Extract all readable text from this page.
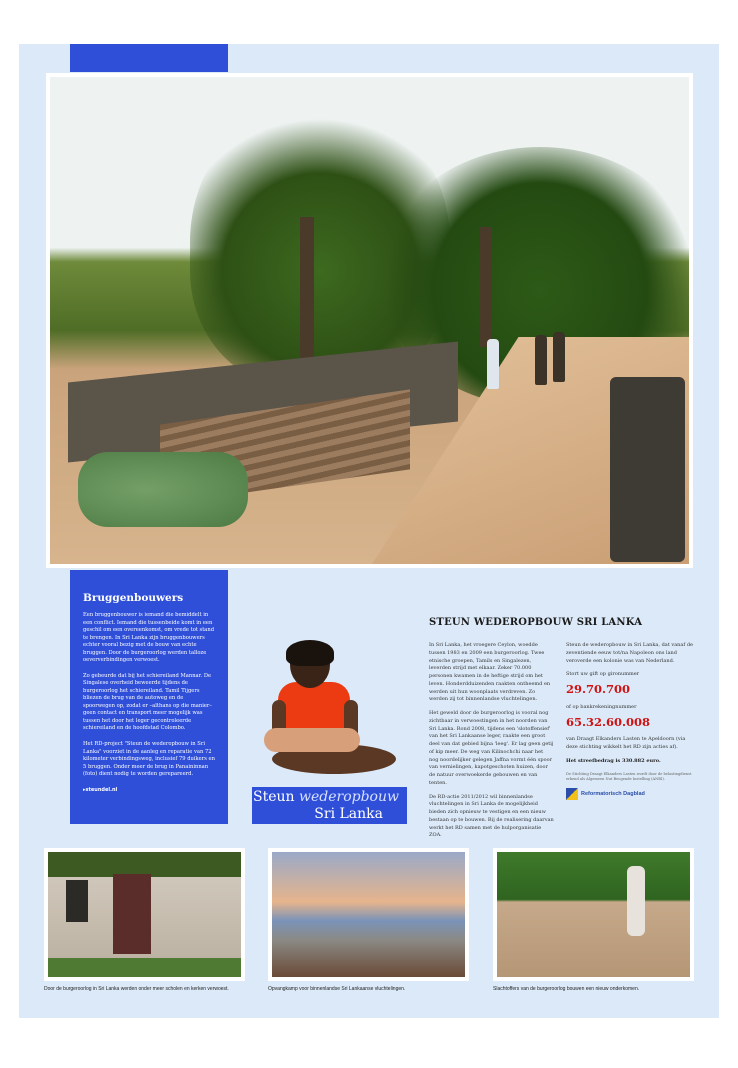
Bruggenbouwers

Een bruggenbouwer is iemand die bemiddelt in een conflict. Iemand die tussenbeide komt in een geschil om een overeenkomst, om vrede tot stand te brengen. In Sri Lanka zijn bruggenbouwers echter vooral bezig met de bouw van echte bruggen. Door de burgeroorlog werden talloze oeververbindingen verwoest.

Zo gebeurde dat bij het schiereiland Mannar. De Singalese overheid beweerde tijdens de burgeroorlog het schiereiland. Tamil Tijgers bliezen de brug van de autoweg en de spoorwegen op, zodat er –althans op die manier– geen contact en transport meer mogelijk was tussen het door het leger gecontroleerde schiereiland en de hoofdstad Colombo.

Het RD-project "Steun de wederopbouw in Sri Lanka" voorziet in de aanleg en reparatie van 72 kilometer verbindingsweg, inclusief 79 duikers en 5 bruggen. Onder meer de brug in Panaininnan (foto) dient nodig te worden gerepareerd.

▸steundel.nl	Steun wederopbouw
Sri Lanka
STEUN WEDEROPBOUW SRI LANKA

In Sri Lanka, het vroegere Ceylon, woedde tussen 1983 en 2009 een burgeroorlog. Twee etnische groepen, Tamils en Singalezen, leverden strijd met elkaar. Zeker 70.000 personen kwamen in de heftige strijd om het leven. Honderdduizenden raakten ontheemd en werden uit hun woonplaats verdreven. Zo werden zij tot binnenlandse vluchtelingen.

Het geweld door de burgeroorlog is vooral nog zichtbaar in verwoestingen in het noorden van Sri Lanka. Rond 2008, tijdens een 'slotoffensief' van het Sri Lankaanse leger, raakte een groot deel van dat gebied bijna 'leeg'. Er lag geen getij of kip meer. De weg van Kilinochchi naar het nog noordelijker gelegen Jaffna vormt één spoor van vernielingen, kapotgeschoten huizen, door de natuur overwoekerde gebouwen en van tenten.

De RD-actie 2011/2012 wil binnenlandse vluchtelingen in Sri Lanka de mogelijkheid bieden zich opnieuw te vestigen en een nieuw bestaan op te bouwen. Bij de realisering daarvan werkt het RD samen met de hulporganisatie ZOA.

Steun de wederopbouw in Sri Lanka, dat vanaf de zeventiende eeuw tot/na Napoleon ons land veroverde een kolonie was van Nederland.

Stort uw gift op gironummer
29.70.700
of op bankrekeningnummer
65.32.60.008

van Draagt Elkanders Lasten te Apeldoorn (via deze stichting wikkelt het RD zijn acties af).

Het streefbedrag is 330.882 euro.

De Stichting Draagt Elkanders Lasten wordt door de belastingdienst erkend als Algemeen Nut Beogende Instelling (ANBI).

Reformatorisch Dagblad
Door de burgeroorlog in Sri Lanka werden onder meer scholen en kerken verwoest.	Opvangkamp voor binnenlandse Sri Lankaanse vluchtelingen.	Slachtoffers van de burgeroorlog bouwen een nieuw onderkomen.
